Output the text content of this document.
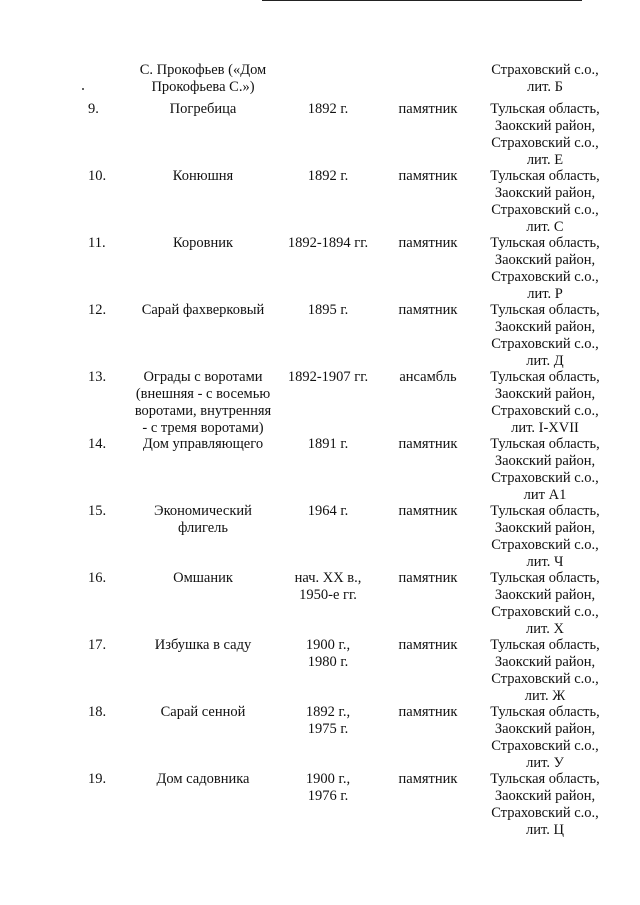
С. Прокофьев («Дом
Прокофьева С.»)
Страховский с.о.,
лит. Б
9.	Погребица	1892 г.	памятник	Тульская область,
Заокский район,
Страховский с.о.,
лит. Е
10.	Конюшня	1892 г.	памятник	Тульская область,
Заокский район,
Страховский с.о.,
лит. С
11.	Коровник	1892-1894 гг.	памятник	Тульская область,
Заокский район,
Страховский с.о.,
лит. Р
12.	Сарай фахверковый	1895 г.	памятник	Тульская область,
Заокский район,
Страховский с.о.,
лит. Д
13.	Ограды с воротами
(внешняя - с восемью
воротами, внутренняя
- с тремя воротами)
1892-1907 гг.	ансамбль	Тульская область,
Заокский район,
Страховский с.о.,
лит. I-XVII
14.	Дом управляющего	1891 г.	памятник	Тульская область,
Заокский район,
Страховский с.о.,
лит А1
15.	Экономический
флигель
1964 г.	памятник	Тульская область,
Заокский район,
Страховский с.о.,
лит. Ч
16.	Омшаник	нач. XX в.,
1950-е гг.
памятник	Тульская область,
Заокский район,
Страховский с.о.,
лит. Х
17.	Избушка в саду	1900 г.,
1980 г.
памятник	Тульская область,
Заокский район,
Страховский с.о.,
лит. Ж
18.	Сарай сенной	1892 г.,
1975 г.
памятник	Тульская область,
Заокский район,
Страховский с.о.,
лит. У
19.	Дом садовника	1900 г.,
1976 г.
памятник	Тульская область,
Заокский район,
Страховский с.о.,
лит. Ц
